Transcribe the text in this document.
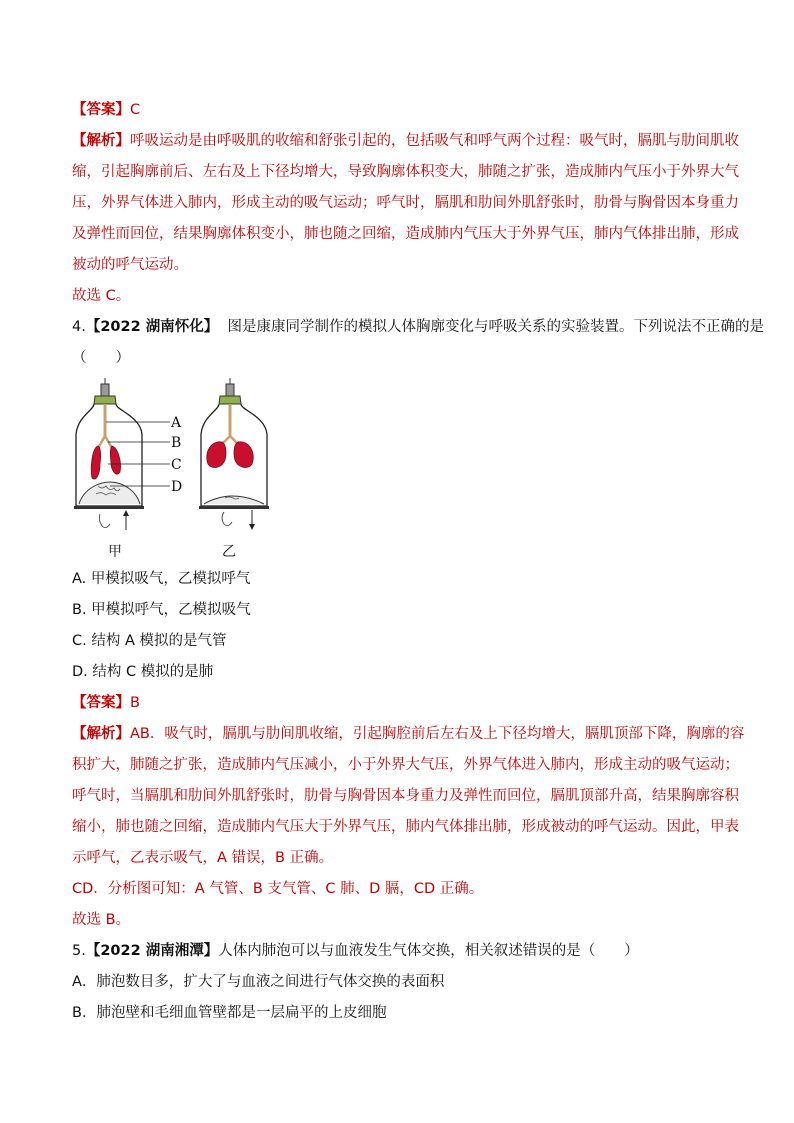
【答案】C
【解析】呼吸运动是由呼吸肌的收缩和舒张引起的，包括吸气和呼气两个过程：吸气时，膈肌与肋间肌收
缩，引起胸廓前后、左右及上下径均增大，导致胸廓体积变大，肺随之扩张，造成肺内气压小于外界大气
压，外界气体进入肺内，形成主动的吸气运动；呼气时，膈肌和肋间外肌舒张时，肋骨与胸骨因本身重力
及弹性而回位，结果胸廓体积变小，肺也随之回缩，造成肺内气压大于外界气压，肺内气体排出肺，形成
被动的呼气运动。
故选 C。
4.【2022 湖南怀化】 图是康康同学制作的模拟人体胸廓变化与呼吸关系的实验装置。下列说法不正确的是
（　　）
A
B
C
D
甲	乙
A. 甲模拟吸气，乙模拟呼气
B. 甲模拟呼气，乙模拟吸气
C. 结构 A 模拟的是气管
D. 结构 C 模拟的是肺
【答案】B
【解析】AB．吸气时，膈肌与肋间肌收缩，引起胸腔前后左右及上下径均增大，膈肌顶部下降，胸廓的容
积扩大，肺随之扩张，造成肺内气压减小，小于外界大气压，外界气体进入肺内，形成主动的吸气运动；
呼气时，当膈肌和肋间外肌舒张时，肋骨与胸骨因本身重力及弹性而回位，膈肌顶部升高，结果胸廓容积
缩小，肺也随之回缩，造成肺内气压大于外界气压，肺内气体排出肺，形成被动的呼气运动。因此，甲表
示呼气，乙表示吸气，A 错误，B 正确。
CD．分析图可知：A 气管、B 支气管、C 肺、D 膈，CD 正确。
故选 B。
5.【2022 湖南湘潭】人体内肺泡可以与血液发生气体交换，相关叙述错误的是（　　）
A．肺泡数目多，扩大了与血液之间进行气体交换的表面积
B．肺泡壁和毛细血管壁都是一层扁平的上皮细胞
